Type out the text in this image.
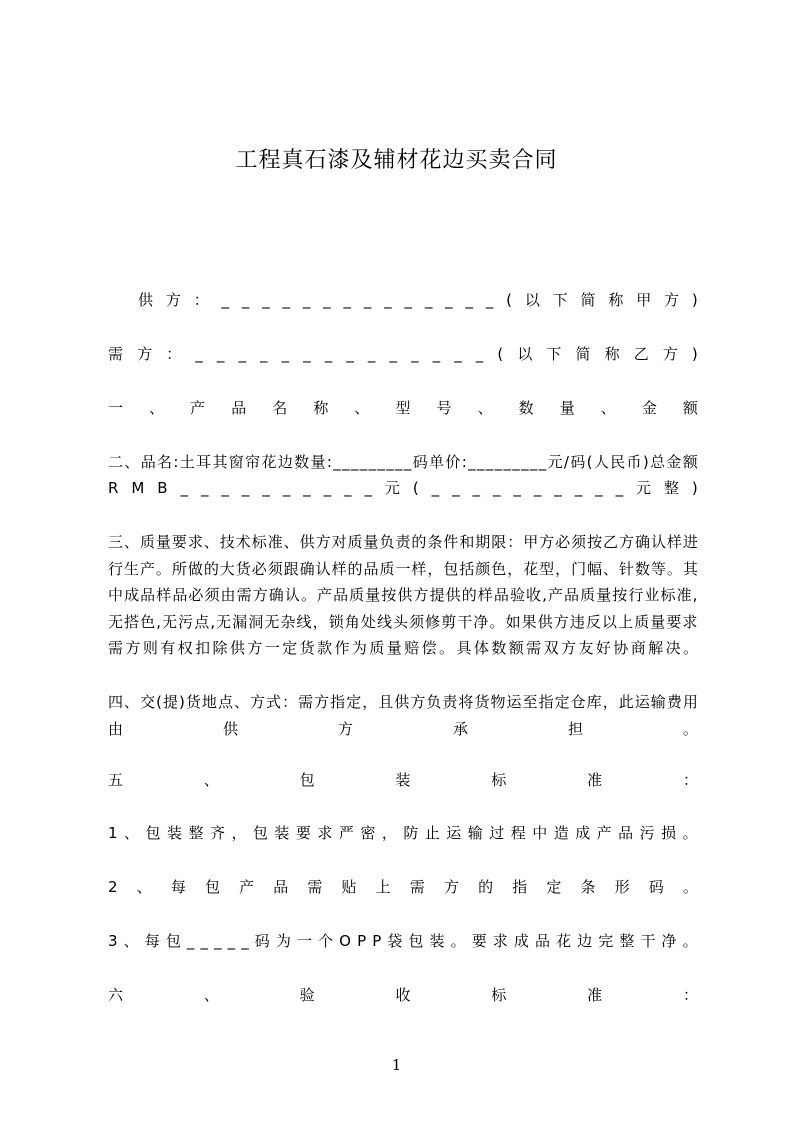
工程真石漆及辅材花边买卖合同
供 方 ： _ _ _ _ _ _ _ _ _ _ _ _ _ _ ( 以 下 简 称 甲 方 )
需 方 ： _ _ _ _ _ _ _ _ _ _ _ _ _ _ ( 以 下 简 称 乙 方 )
一 、 产 品 名 称 、 型 号 、 数 量 、 金 额
二 、 品 名 : 土 耳 其 窗 帘 花 边 数 量 : _ _ _ _ _ _ _ _ _ 码 单 价 : _ _ _ _ _ _ _ _ _ 元 / 码 ( 人 民 币 ) 总 金 额
R M B _ _ _ _ _ _ _ _ _ _ 元 ( _ _ _ _ _ _ _ _ _ _ 元 整 )
三 、 质 量 要 求 、 技 术 标 准 、 供 方 对 质 量 负 责 的 条 件 和 期 限 ： 甲 方 必 须 按 乙 方 确 认 样 进
行 生 产 。 所 做 的 大 货 必 须 跟 确 认 样 的 品 质 一 样 ， 包 括 颜 色 ， 花 型 ， 门 幅 、 针 数 等 。 其
中 成 品 样 品 必 须 由 需 方 确 认 。 产 品 质 量 按 供 方 提 供 的 样 品 验 收 , 产 品 质 量 按 行 业 标 准 ,
无 搭 色 , 无 污 点 , 无 漏 洞 无 杂 线 ， 锁 角 处 线 头 须 修 剪 干 净 。 如 果 供 方 违 反 以 上 质 量 要 求
需方则有权扣除供方一定货款作为质量赔偿。具体数额需双方友好协商解决。
四 、 交 ( 提 ) 货 地 点 、 方 式 ： 需 方 指 定 ， 且 供 方 负 责 将 货 物 运 至 指 定 仓 库 ， 此 运 输 费 用
由	供	方	承	担	。
五	、	包	装	标	准	：
1 、 包 装 整 齐 ， 包 装 要 求 严 密 ， 防 止 运 输 过 程 中 造 成 产 品 污 损 。
2 、 每 包 产 品 需 贴 上 需 方 的 指 定 条 形 码 。
3 、 每 包 _ _ _ _ _ 码 为 一 个 O P P 袋 包 装 。 要 求 成 品 花 边 完 整 干 净 。
六	、	验	收	标	准	：
1
